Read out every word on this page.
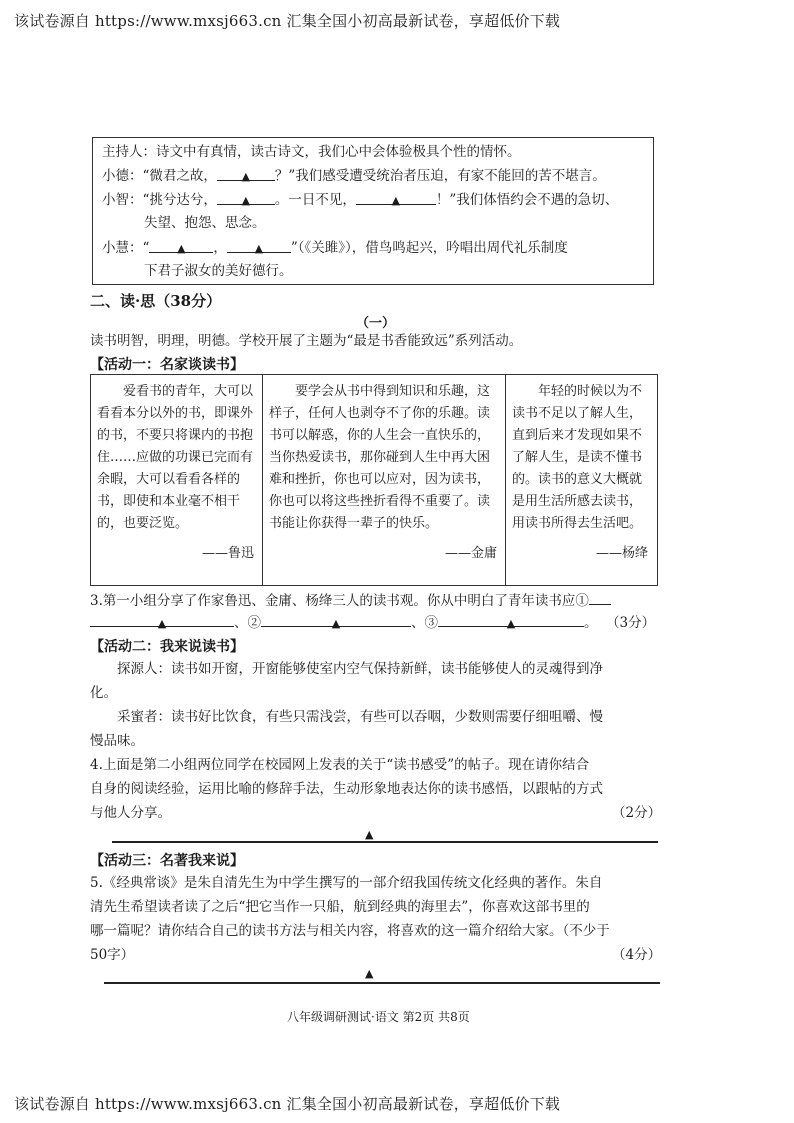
该试卷源自 https://www.mxsj663.cn 汇集全国小初高最新试卷，享超低价下载
主持人：诗文中有真情，读古诗文，我们心中会体验极具个性的情怀。
小德：“微君之故， ▲ ？”我们感受遭受统治者压迫，有家不能回的苦不堪言。
小智：“挑兮达兮， ▲ 。一日不见，	▲	！”我们体悟约会不遇的急切、
失望、抱怨、思念。
小慧：“	▲ ，	▲ ”（《关雎》），借鸟鸣起兴，吟唱出周代礼乐制度
下君子淑女的美好德行。
二、读·思（38分）
（一）
读书明智，明理，明德。学校开展了主题为“最是书香能致远”系列活动。
【活动一：名家谈读书】
　　爱看书的青年，大可以看看本分以外的书，即课外的书，不要只将课内的书抱住……应做的功课已完而有余暇，大可以看看各样的书，即使和本业毫不相干的，也要泛览。
——鲁迅
　　要学会从书中得到知识和乐趣，这样子，任何人也剥夺不了你的乐趣。读书可以解惑，你的人生会一直快乐的，当你热爱读书，那你碰到人生中再大困难和挫折，你也可以应对，因为读书，你也可以将这些挫折看得不重要了。读书能让你获得一辈子的快乐。
——金庸
　　年轻的时候以为不读书不足以了解人生，直到后来才发现如果不了解人生，是读不懂书的。读书的意义大概就是用生活所感去读书，用读书所得去生活吧。
——杨绛
3.第一小组分享了作家鲁迅、金庸、杨绛三人的读书观。你从中明白了青年读书应①
▲	、②	▲	、③	▲	。 （3分）
【活动二：我来说读书】
　　探源人：读书如开窗，开窗能够使室内空气保持新鲜，读书能够使人的灵魂得到净
化。
　　采蜜者：读书好比饮食，有些只需浅尝，有些可以吞咽，少数则需要仔细咀嚼、慢
慢品味。
4.上面是第二小组两位同学在校园网上发表的关于“读书感受”的帖子。现在请你结合
自身的阅读经验，运用比喻的修辞手法，生动形象地表达你的读书感悟，以跟帖的方式
与他人分享。	（2分）
▲
【活动三：名著我来说】
5.《经典常谈》是朱自清先生为中学生撰写的一部介绍我国传统文化经典的著作。朱自
清先生希望读者读了之后“把它当作一只船，航到经典的海里去”，你喜欢这部书里的
哪一篇呢？请你结合自己的读书方法与相关内容，将喜欢的这一篇介绍给大家。（不少于
50字）	（4分）
▲
八年级调研测试·语文 第2页 共8页
该试卷源自 https://www.mxsj663.cn 汇集全国小初高最新试卷，享超低价下载
